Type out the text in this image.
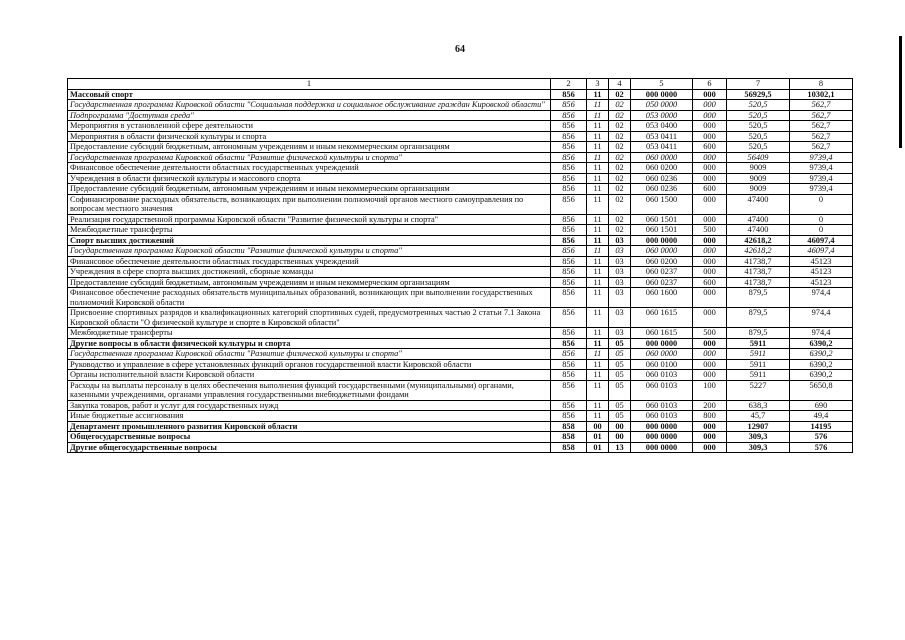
64
1	2	3	4	5	6	7	8
Массовый спорт	856	11	02	000 0000	000	56929,5	10302,1
Государственная программа Кировской области "Социальная поддержка и социальное обслуживание граждан Кировской области"	856	11	02	050 0000	000	520,5	562,7
Подпрограмма "Доступная среда"	856	11	02	053 0000	000	520,5	562,7
Мероприятия в установленной сфере деятельности	856	11	02	053 0400	000	520,5	562,7
Мероприятия в области физической культуры и спорта	856	11	02	053 0411	000	520,5	562,7
Предоставление субсидий бюджетным, автономным учреждениям и иным некоммерческим организациям	856	11	02	053 0411	600	520,5	562,7
Государственная программа Кировской области "Развитие физической культуры и спорта"	856	11	02	060 0000	000	56409	9739,4
Финансовое обеспечение деятельности областных государственных учреждений	856	11	02	060 0200	000	9009	9739,4
Учреждения в области физической культуры и массового спорта	856	11	02	060 0236	000	9009	9739,4
Предоставление субсидий бюджетным, автономным учреждениям и иным некоммерческим организациям	856	11	02	060 0236	600	9009	9739,4
Софинансирование расходных обязательств, возникающих при выполнении полномочий органов местного самоуправления по вопросам местного значения	856	11	02	060 1500	000	47400	0
Реализация государственной программы Кировской области "Развитие физической культуры и спорта"	856	11	02	060 1501	000	47400	0
Межбюджетные трансферты	856	11	02	060 1501	500	47400	0
Спорт высших достижений	856	11	03	000 0000	000	42618,2	46097,4
Государственная программа Кировской области "Развитие физической культуры и спорта"	856	11	03	060 0000	000	42618,2	46097,4
Финансовое обеспечение деятельности областных государственных учреждений	856	11	03	060 0200	000	41738,7	45123
Учреждения в сфере спорта высших достижений, сборные команды	856	11	03	060 0237	000	41738,7	45123
Предоставление субсидий бюджетным, автономным учреждениям и иным некоммерческим организациям	856	11	03	060 0237	600	41738,7	45123
Финансовое обеспечение расходных обязательств муниципальных образований, возникающих при выполнении государственных полномочий Кировской области	856	11	03	060 1600	000	879,5	974,4
Присвоение спортивных разрядов и квалификационных категорий спортивных судей, предусмотренных частью 2 статьи 7.1 Закона Кировской области "О физической культуре и спорте в Кировской области"	856	11	03	060 1615	000	879,5	974,4
Межбюджетные трансферты	856	11	03	060 1615	500	879,5	974,4
Другие вопросы в области физической культуры и спорта	856	11	05	000 0000	000	5911	6390,2
Государственная программа Кировской области "Развитие физической культуры и спорта"	856	11	05	060 0000	000	5911	6390,2
Руководство и управление в сфере установленных функций органов государственной власти Кировской области	856	11	05	060 0100	000	5911	6390,2
Органы исполнительной власти Кировской области	856	11	05	060 0103	000	5911	6390,2
Расходы на выплаты персоналу в целях обеспечения выполнения функций государственными (муниципальными) органами, казенными учреждениями, органами управления государственными внебюджетными фондами	856	11	05	060 0103	100	5227	5650,8
Закупка товаров, работ и услуг для государственных нужд	856	11	05	060 0103	200	638,3	690
Иные бюджетные ассигнования	856	11	05	060 0103	800	45,7	49,4
Департамент промышленного развития Кировской области	858	00	00	000 0000	000	12907	14195
Общегосударственные вопросы	858	01	00	000 0000	000	309,3	576
Другие общегосударственные вопросы	858	01	13	000 0000	000	309,3	576
